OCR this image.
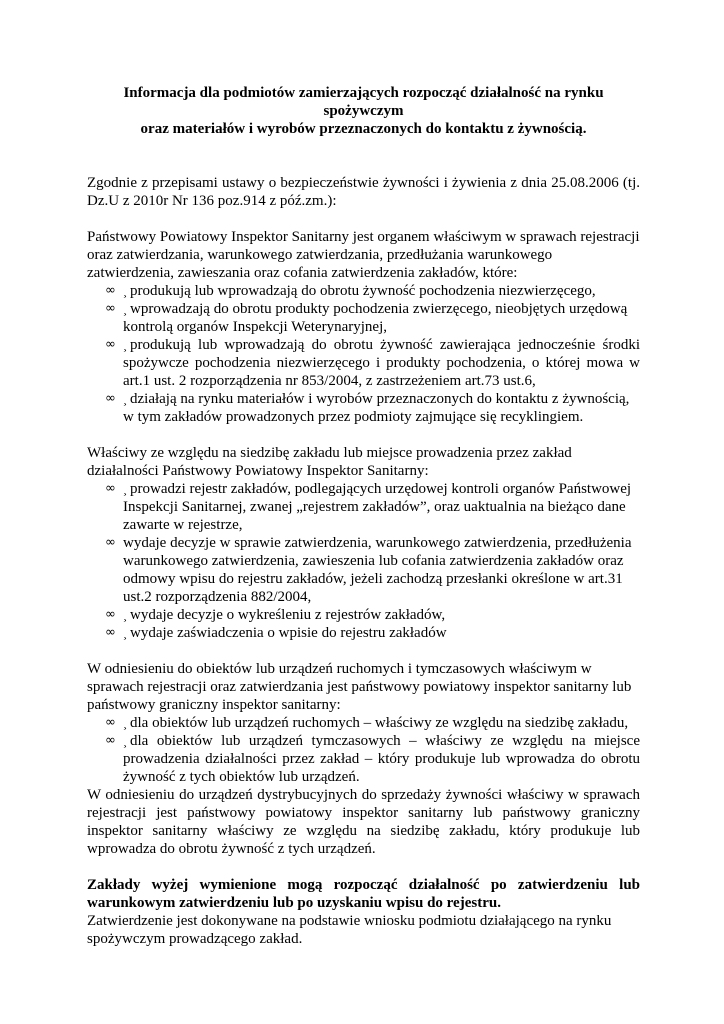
Informacja dla podmiotów zamierzających rozpocząć działalność na rynku spożywczym

oraz materiałów i wyrobów przeznaczonych do kontaktu z żywnością.

Zgodnie z przepisami ustawy o bezpieczeństwie żywności i żywienia z dnia 25.08.2006 (tj. Dz.U z 2010r Nr 136 poz.914 z póź.zm.):

Państwowy Powiatowy Inspektor Sanitarny jest organem właściwym w sprawach rejestracji oraz zatwierdzania, warunkowego zatwierdzania, przedłużania warunkowego zatwierdzenia, zawieszania oraz cofania zatwierdzenia zakładów, które:

∞ ¸ produkują lub wprowadzają do obrotu żywność pochodzenia niezwierzęcego,
∞ ¸ wprowadzają do obrotu produkty pochodzenia zwierzęcego, nieobjętych urzędową kontrolą organów Inspekcji Weterynaryjnej,
∞ ¸ produkują lub wprowadzają do obrotu żywność zawierająca jednocześnie środki spożywcze pochodzenia niezwierzęcego i produkty pochodzenia, o której mowa w art.1 ust. 2 rozporządzenia nr 853/2004, z zastrzeżeniem art.73 ust.6,
∞ ¸ działają na rynku materiałów i wyrobów przeznaczonych do kontaktu z żywnością, w tym zakładów prowadzonych przez podmioty zajmujące się recyklingiem.

Właściwy ze względu na siedzibę zakładu lub miejsce prowadzenia przez zakład działalności Państwowy Powiatowy Inspektor Sanitarny:

∞ ¸ prowadzi rejestr zakładów, podlegających urzędowej kontroli organów Państwowej Inspekcji Sanitarnej, zwanej „rejestrem zakładów”, oraz uaktualnia na bieżąco dane zawarte w rejestrze,
∞ wydaje decyzje w sprawie zatwierdzenia, warunkowego zatwierdzenia, przedłużenia warunkowego zatwierdzenia, zawieszenia lub cofania zatwierdzenia zakładów oraz odmowy wpisu do rejestru zakładów, jeżeli zachodzą przesłanki określone w art.31 ust.2 rozporządzenia 882/2004,
∞ ¸ wydaje decyzje o wykreśleniu z rejestrów zakładów,
∞ ¸ wydaje zaświadczenia o wpisie do rejestru zakładów

W odniesieniu do obiektów lub urządzeń ruchomych i tymczasowych właściwym w sprawach rejestracji oraz zatwierdzania jest państwowy powiatowy inspektor sanitarny lub państwowy graniczny inspektor sanitarny:

∞ ¸ dla obiektów lub urządzeń ruchomych – właściwy ze względu na siedzibę zakładu,
∞ ¸ dla obiektów lub urządzeń tymczasowych – właściwy ze względu na miejsce prowadzenia działalności przez zakład – który produkuje lub wprowadza do obrotu żywność z tych obiektów lub urządzeń.

W odniesieniu do urządzeń dystrybucyjnych do sprzedaży żywności właściwy w sprawach rejestracji jest państwowy powiatowy inspektor sanitarny lub państwowy graniczny inspektor sanitarny właściwy ze względu na siedzibę zakładu, który produkuje lub wprowadza do obrotu żywność z tych urządzeń.

Zakłady wyżej wymienione mogą rozpocząć działalność po zatwierdzeniu lub warunkowym zatwierdzeniu lub po uzyskaniu wpisu do rejestru.

Zatwierdzenie jest dokonywane na podstawie wniosku podmiotu działającego na rynku spożywczym prowadzącego zakład.
